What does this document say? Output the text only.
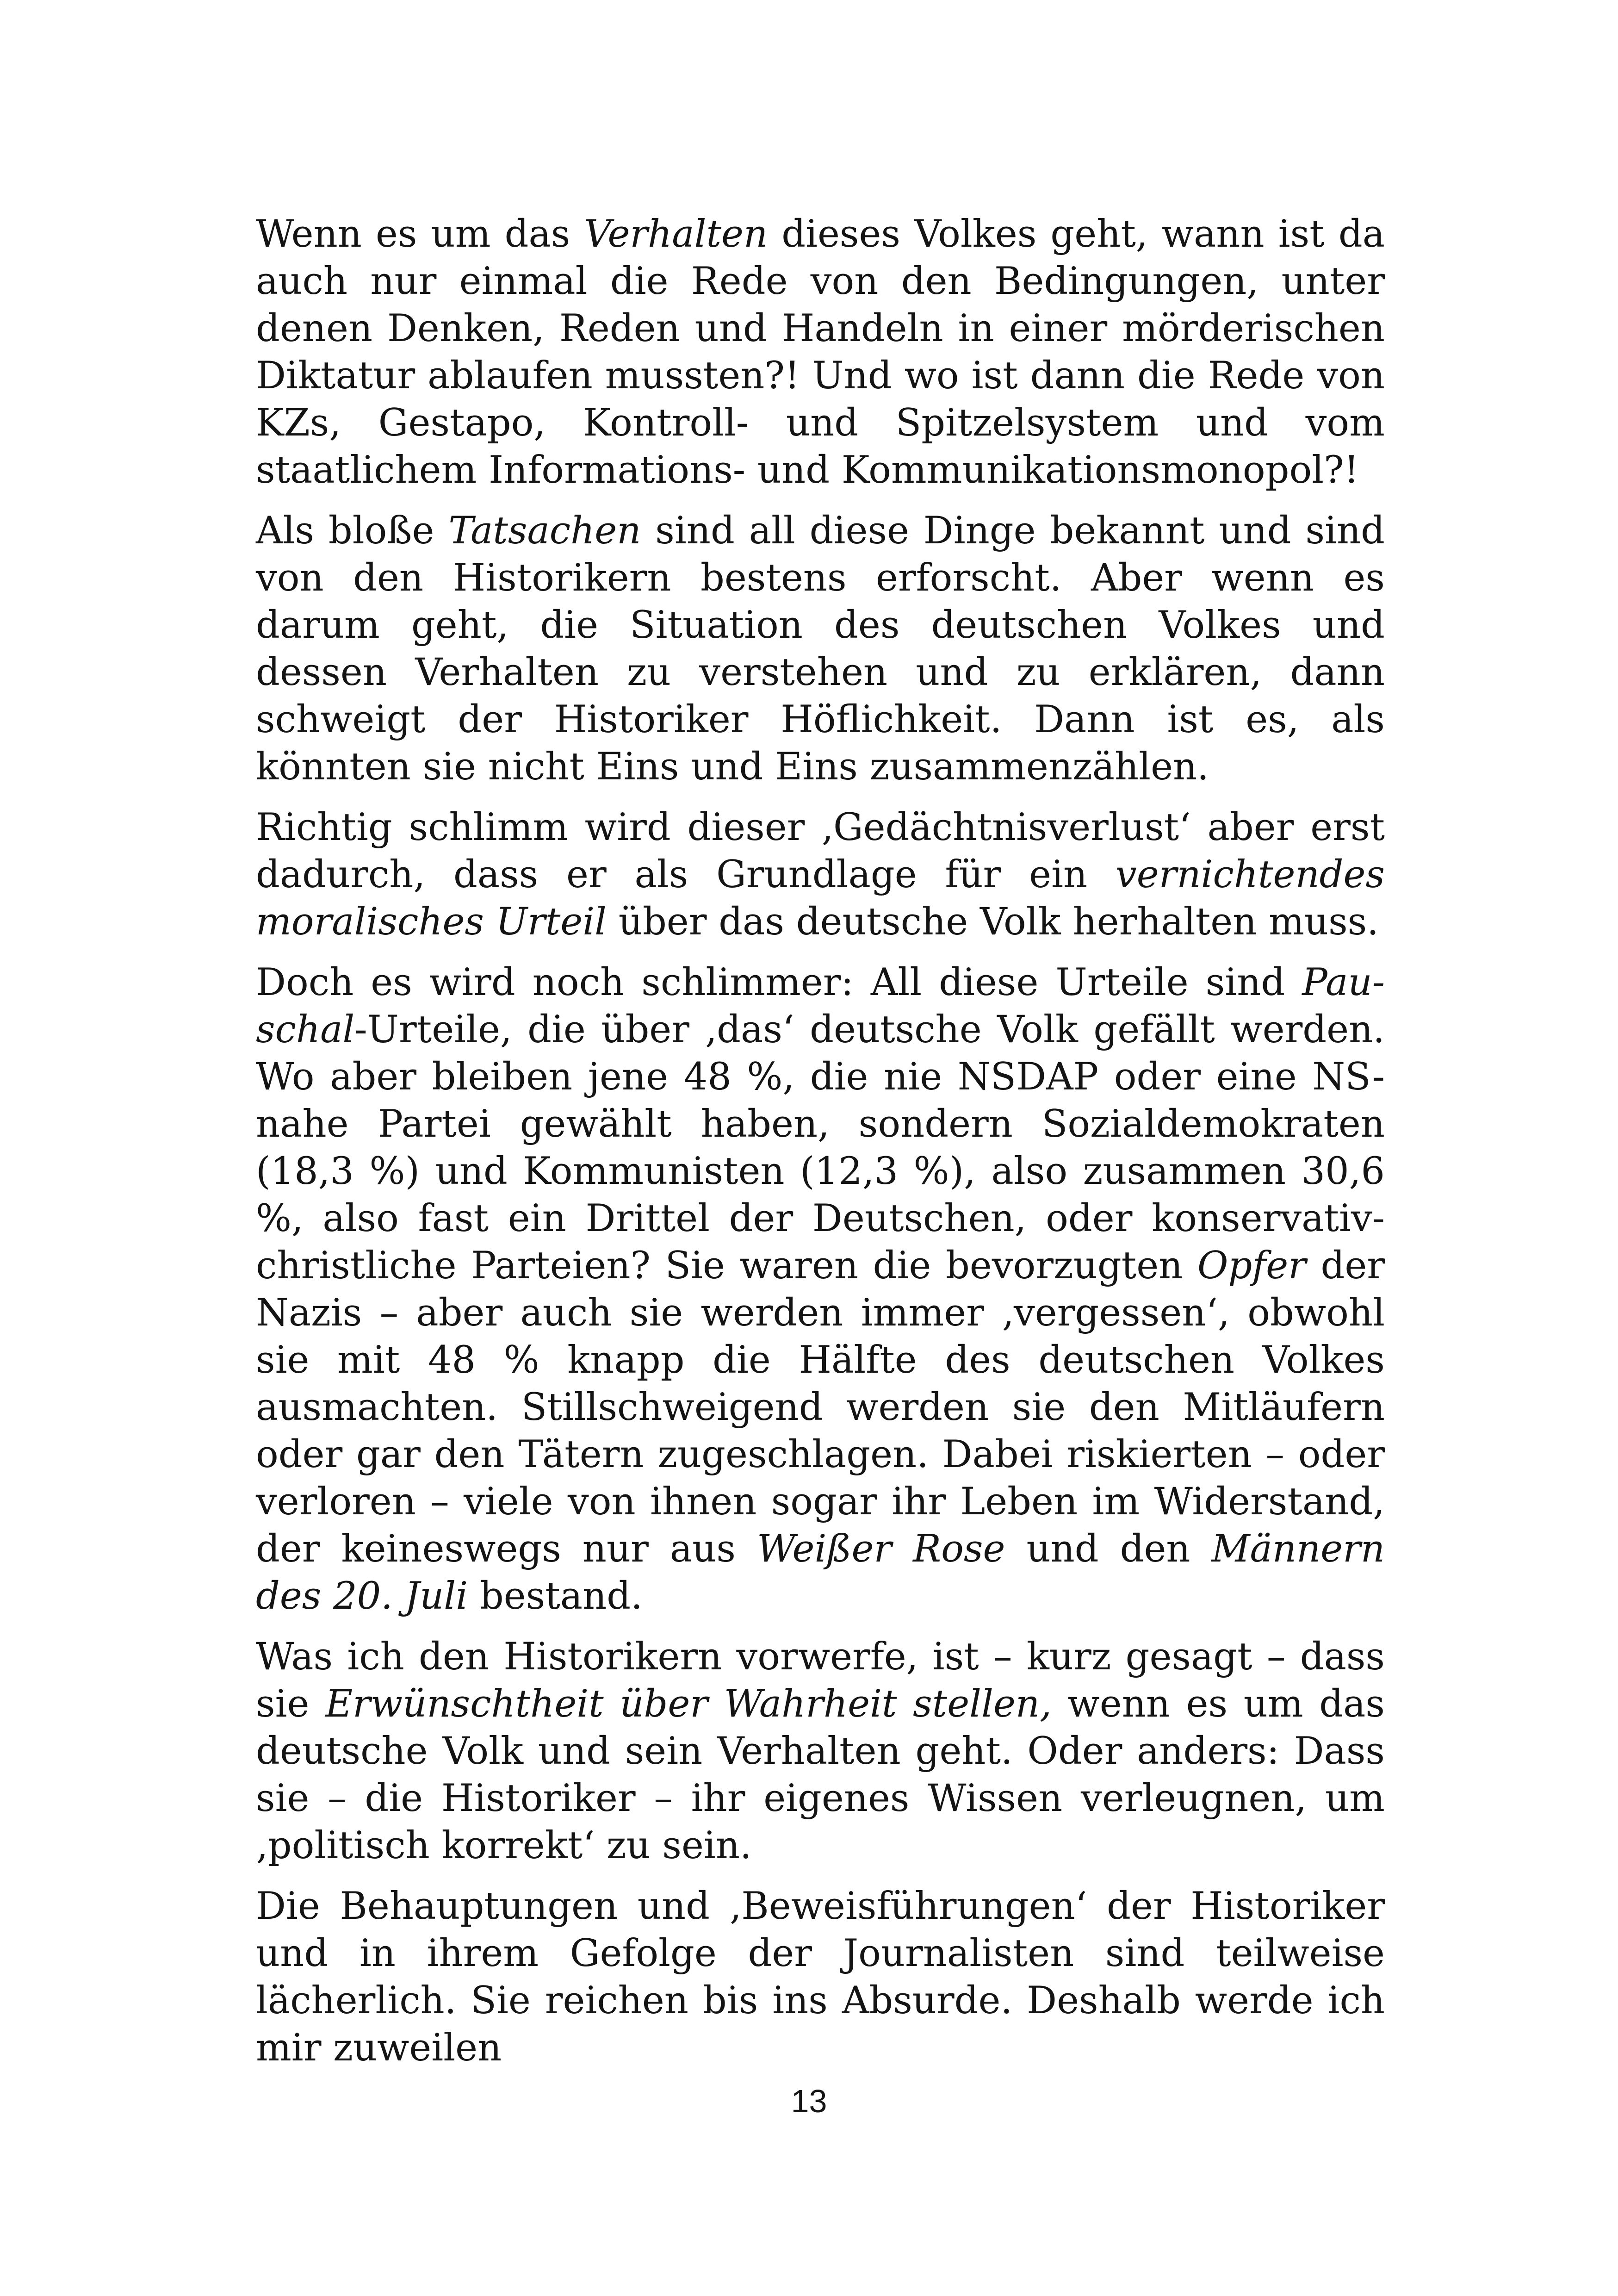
Wenn es um das Verhalten dieses Volkes geht, wann ist da auch nur einmal die Rede von den Bedingungen, unter denen Denken, Reden und Handeln in einer mörderischen Diktatur ablaufen mussten?! Und wo ist dann die Rede von KZs, Gestapo, Kontroll- und Spitzelsystem und vom staatlichem Informations- und Kommunikationsmonopol?!

Als bloße Tatsachen sind all diese Dinge bekannt und sind von den Historikern bestens erforscht. Aber wenn es darum geht, die Situation des deutschen Volkes und dessen Verhalten zu verstehen und zu erklären, dann schweigt der Historiker Höflichkeit. Dann ist es, als könnten sie nicht Eins und Eins zusammenzählen.

Richtig schlimm wird dieser ‚Gedächtnisverlust‘ aber erst dadurch, dass er als Grundlage für ein vernichtendes moralisches Urteil über das deutsche Volk herhalten muss.

Doch es wird noch schlimmer: All diese Urteile sind Pauschal-Urteile, die über ‚das‘ deutsche Volk gefällt werden. Wo aber bleiben jene 48 %, die nie NSDAP oder eine NS-nahe Partei gewählt haben, sondern Sozialdemokraten (18,3 %) und Kommunisten (12,3 %), also zusammen 30,6 %, also fast ein Drittel der Deutschen, oder konservativ-christliche Parteien? Sie waren die bevorzugten Opfer der Nazis – aber auch sie werden immer ‚vergessen‘, obwohl sie mit 48 % knapp die Hälfte des deutschen Volkes ausmachten. Stillschweigend werden sie den Mitläufern oder gar den Tätern zugeschlagen. Dabei riskierten – oder verloren – viele von ihnen sogar ihr Leben im Widerstand, der keineswegs nur aus Weißer Rose und den Männern des 20. Juli bestand.

Was ich den Historikern vorwerfe, ist – kurz gesagt – dass sie Erwünschtheit über Wahrheit stellen, wenn es um das deutsche Volk und sein Verhalten geht. Oder anders: Dass sie – die Historiker – ihr eigenes Wissen verleugnen, um ‚politisch korrekt‘ zu sein.

Die Behauptungen und ‚Beweisführungen‘ der Historiker und in ihrem Gefolge der Journalisten sind teilweise lächerlich. Sie reichen bis ins Absurde. Deshalb werde ich mir zuweilen

13
